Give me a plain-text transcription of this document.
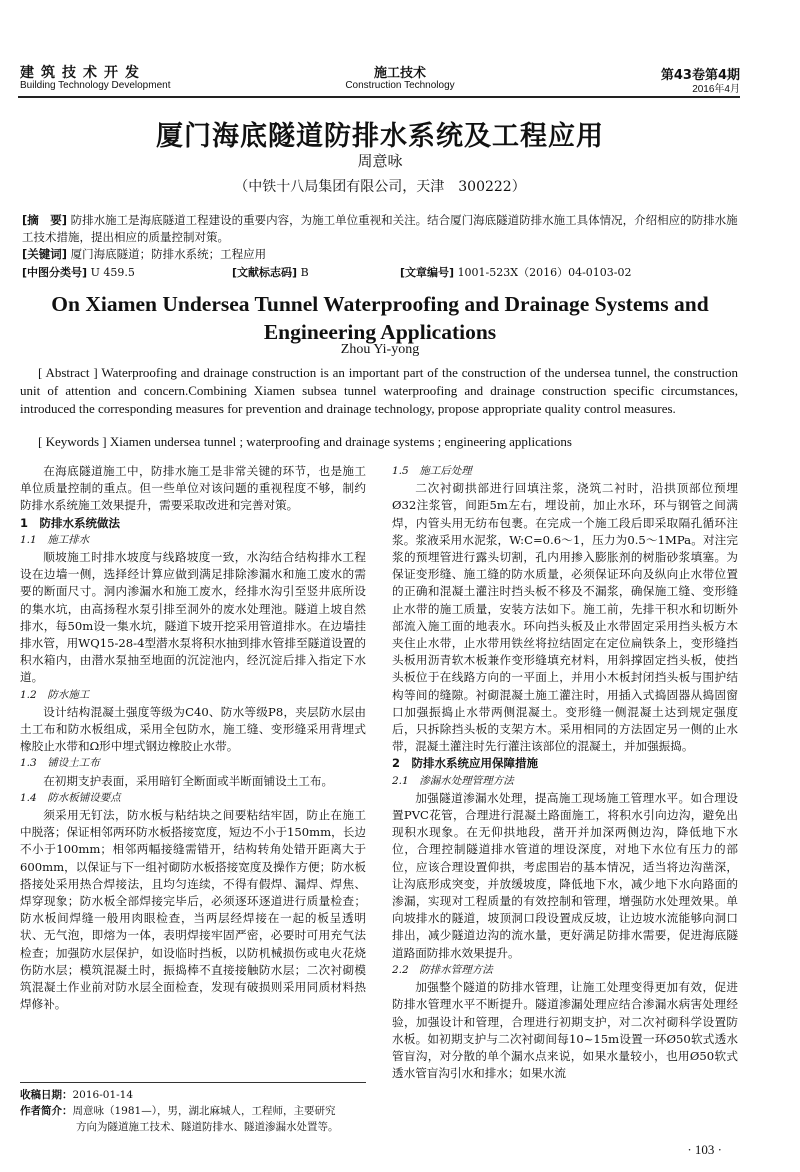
建筑技术开发
Building Technology Development
施工技术
Construction Technology
第43卷第4期
2016年4月
厦门海底隧道防排水系统及工程应用
周意咏
（中铁十八局集团有限公司，天津　300222）
[摘　要] 防排水施工是海底隧道工程建设的重要内容，为施工单位重视和关注。结合厦门海底隧道防排水施工具体情况，介绍相应的防排水施工技术措施，提出相应的质量控制对策。
[关键词] 厦门海底隧道；防排水系统；工程应用
[中图分类号] U 459.5	[文献标志码] B	[文章编号] 1001-523X（2016）04-0103-02
On Xiamen Undersea Tunnel Waterproofing and Drainage Systems and Engineering Applications
Zhou Yi-yong
[ Abstract ] Waterproofing and drainage construction is an important part of the construction of the undersea tunnel, the construction unit of attention and concern.Combining Xiamen subsea tunnel waterproofing and drainage construction specific circumstances, introduced the corresponding measures for prevention and drainage technology, propose appropriate quality control measures.
[ Keywords ] Xiamen undersea tunnel ; waterproofing and drainage systems ; engineering applications

在海底隧道施工中，防排水施工是非常关键的环节，也是施工单位质量控制的重点。但一些单位对该问题的重视程度不够，制约防排水系统施工效果提升，需要采取改进和完善对策。

1　防排水系统做法
1.1　施工排水

顺坡施工时排水坡度与线路坡度一致，水沟结合结构排水工程设在边墙一侧，选择经计算应做到满足排除渗漏水和施工废水的需要的断面尺寸。洞内渗漏水和施工废水，经排水沟引至竖井底所设的集水坑，由高扬程水泵引排至洞外的废水处理池。隧道上坡自然排水，每50m设一集水坑，隧道下坡开挖采用管道排水。在边墙挂排水管，用WQ15-28-4型潜水泵将积水抽到排水管排至隧道设置的积水箱内，由潜水泵抽至地面的沉淀池内，经沉淀后排入指定下水道。

1.2　防水施工

设计结构混凝土强度等级为C40、防水等级P8，夹层防水层由土工布和防水板组成，采用全包防水，施工缝、变形缝采用背埋式橡胶止水带和Ω形中埋式钢边橡胶止水带。

1.3　铺设土工布

在初期支护表面，采用暗钉全断面或半断面铺设土工布。

1.4　防水板铺设要点

须采用无钉法，防水板与粘结块之间要粘结牢固，防止在施工中脱落；保证相邻两环防水板搭接宽度，短边不小于150mm，长边不小于100mm；相邻两幅接缝需错开，结构转角处错开距离大于600mm，以保证与下一组衬砌防水板搭接宽度及操作方便；防水板搭接处采用热合焊接法，且均匀连续，不得有假焊、漏焊、焊焦、焊穿现象；防水板全部焊接完毕后，必须逐环逐道进行质量检查；防水板间焊缝一般用肉眼检查，当两层经焊接在一起的板呈透明状、无气泡，即熔为一体，表明焊接牢固严密，必要时可用充气法检查；加强防水层保护，如设临时挡板，以防机械损伤或电火花烧伤防水层；模筑混凝土时，振捣棒不直接接触防水层；二次衬砌模筑混凝土作业前对防水层全面检查，发现有破损则采用同质材料热焊修补。

1.5　施工后处理

二次衬砌拱部进行回填注浆，浇筑二衬时，沿拱顶部位预埋Ø32注浆管，间距5m左右，埋设前，加止水环，环与钢管之间满焊，内管头用无纺布包裹。在完成一个施工段后即采取隔孔循环注浆。浆液采用水泥浆，W:C=0.6～1，压力为0.5～1MPa。对注完浆的预埋管进行露头切割，孔内用掺入膨胀剂的树脂砂浆填塞。为保证变形缝、施工缝的防水质量，必须保证环向及纵向止水带位置的正确和混凝土灌注时挡头板不移及不漏浆，确保施工缝、变形缝止水带的施工质量，安装方法如下。施工前，先排干积水和切断外部流入施工面的地表水。环向挡头板及止水带固定采用挡头板方木夹住止水带，止水带用铁丝将拉结固定在定位扁铁条上，变形缝挡头板用沥青软木板兼作变形缝填充材料，用斜撑固定挡头板，使挡头板位于在线路方向的一平面上，并用小木板封闭挡头板与围护结构等间的缝隙。衬砌混凝土施工灌注时，用插入式捣固器从捣固窗口加强振捣止水带两侧混凝土。变形缝一侧混凝土达到规定强度后，只拆除挡头板的支架方木。采用相同的方法固定另一侧的止水带，混凝土灌注时先行灌注该部位的混凝土，并加强振捣。

2　防排水系统应用保障措施
2.1　渗漏水处理管理方法

加强隧道渗漏水处理，提高施工现场施工管理水平。如合理设置PVC花管，合理进行混凝土路面施工，将积水引向边沟，避免出现积水现象。在无仰拱地段，凿开并加深两侧边沟，降低地下水位，合理控制隧道排水管道的埋设深度，对地下水位有压力的部位，应该合理设置仰拱，考虑围岩的基本情况，适当将边沟凿深，让沟底形成突变，并放缓坡度，降低地下水，减少地下水向路面的渗漏，实现对工程质量的有效控制和管理，增强防水处理效果。单向坡排水的隧道，坡顶洞口段设置成反坡，让边坡水流能够向洞口排出，减少隧道边沟的流水量，更好满足防排水需要，促进海底隧道路面防排水效果提升。

2.2　防排水管理方法

加强整个隧道的防排水管理，让施工处理变得更加有效，促进防排水管理水平不断提升。隧道渗漏处理应结合渗漏水病害处理经验，加强设计和管理，合理进行初期支护，对二次衬砌科学设置防水板。如初期支护与二次衬砌间每10~15m设置一环Ø50软式透水管盲沟，对分散的单个漏水点来说，如果水量较小，也用Ø50软式透水管盲沟引水和排水；如果水流

收稿日期：2016-01-14
作者简介：周意咏（1981—），男，湖北麻城人，工程师，主要研究
方向为隧道施工技术、隧道防排水、隧道渗漏水处置等。
· 103 ·
